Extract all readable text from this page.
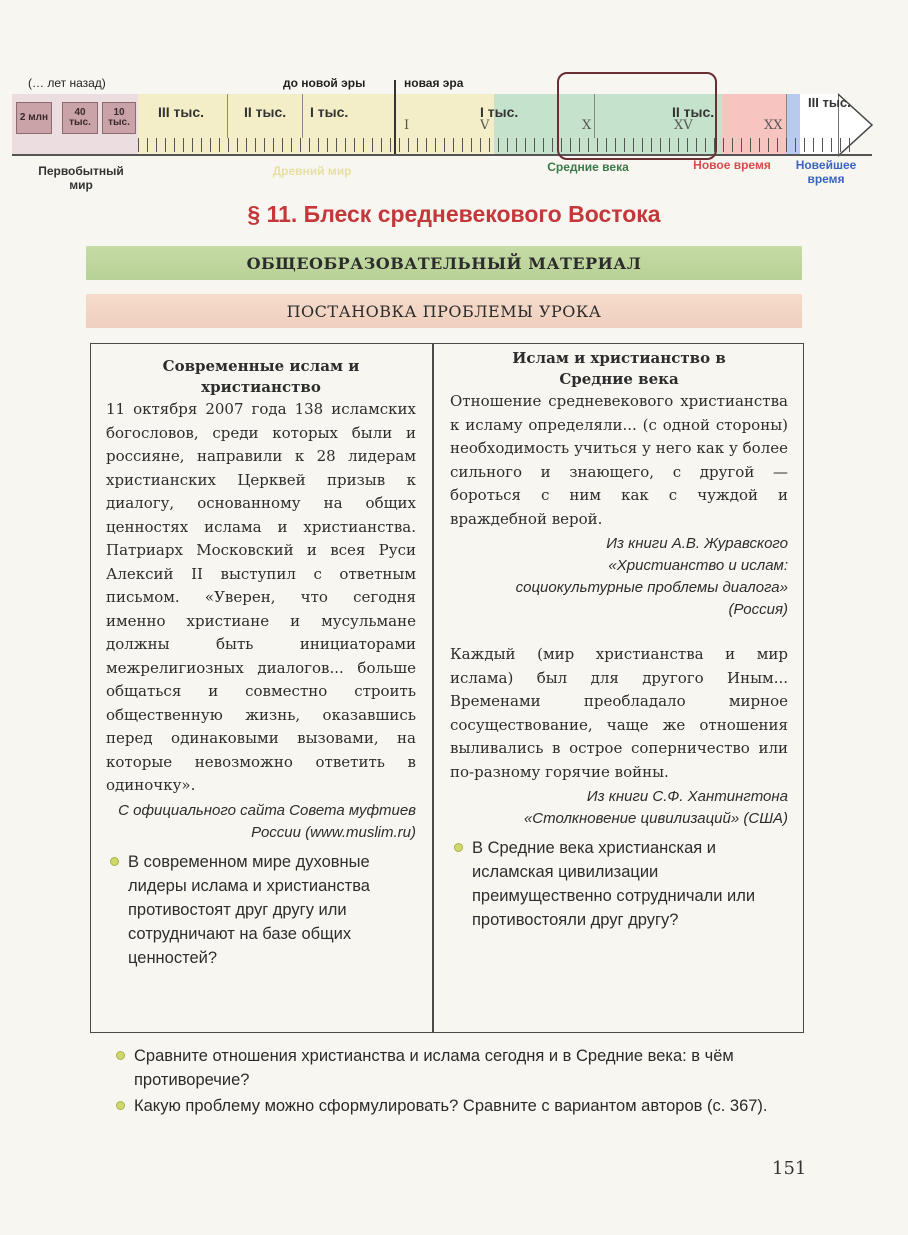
(… лет назад)	до новой эры	новая эра
2 млн	40 тыс.
10 тыс.
III тыс.	II тыс. I тыс.	I тыс.	II тыс.
III тыс.
I	V	X	XV	XX
Первобытный мир
Древний мир	Средние века	Новое время	Новейшее время
§ 11. Блеск средневекового Востока
ОБЩЕОБРАЗОВАТЕЛЬНЫЙ МАТЕРИАЛ
ПОСТАНОВКА ПРОБЛЕМЫ УРОКА
Современные ислам и христианство

11 октября 2007 года 138 исламских богословов, среди которых были и россияне, направили к 28 лидерам христианских Церквей призыв к диалогу, основанному на общих ценностях ислама и христианства. Патриарх Московский и всея Руси Алексий II выступил с ответным письмом. «Уверен, что сегодня именно христиане и мусульмане должны быть инициаторами межрелигиозных диалогов... больше общаться и совместно строить общественную жизнь, оказавшись перед одинаковыми вызовами, на которые невозможно ответить в одиночку».

С официального сайта Совета муфтиев России (www.muslim.ru)
В современном мире духовные лидеры ислама и христианства противостоят друг другу или сотрудничают на базе общих ценностей?
Ислам и христианство в Средние века

Отношение средневекового христианства к исламу определяли... (с одной стороны) необходимость учиться у него как у более сильного и знающего, с другой — бороться с ним как с чуждой и враждебной верой.

Из книги А.В. Журавского «Христианство и ислам: социокультурные проблемы диалога» (Россия)

Каждый (мир христианства и мир ислама) был для другого Иным... Временами преобладало мирное сосуществование, чаще же отношения выливались в острое соперничество или по-разному горячие войны.

Из книги С.Ф. Хантингтона «Столкновение цивилизаций» (США)
В Средние века христианская и исламская цивилизации преимущественно сотрудничали или противостояли друг другу?
Сравните отношения христианства и ислама сегодня и в Средние века: в чём противоречие?
Какую проблему можно сформулировать? Сравните с вариантом авторов (с. 367).
151
